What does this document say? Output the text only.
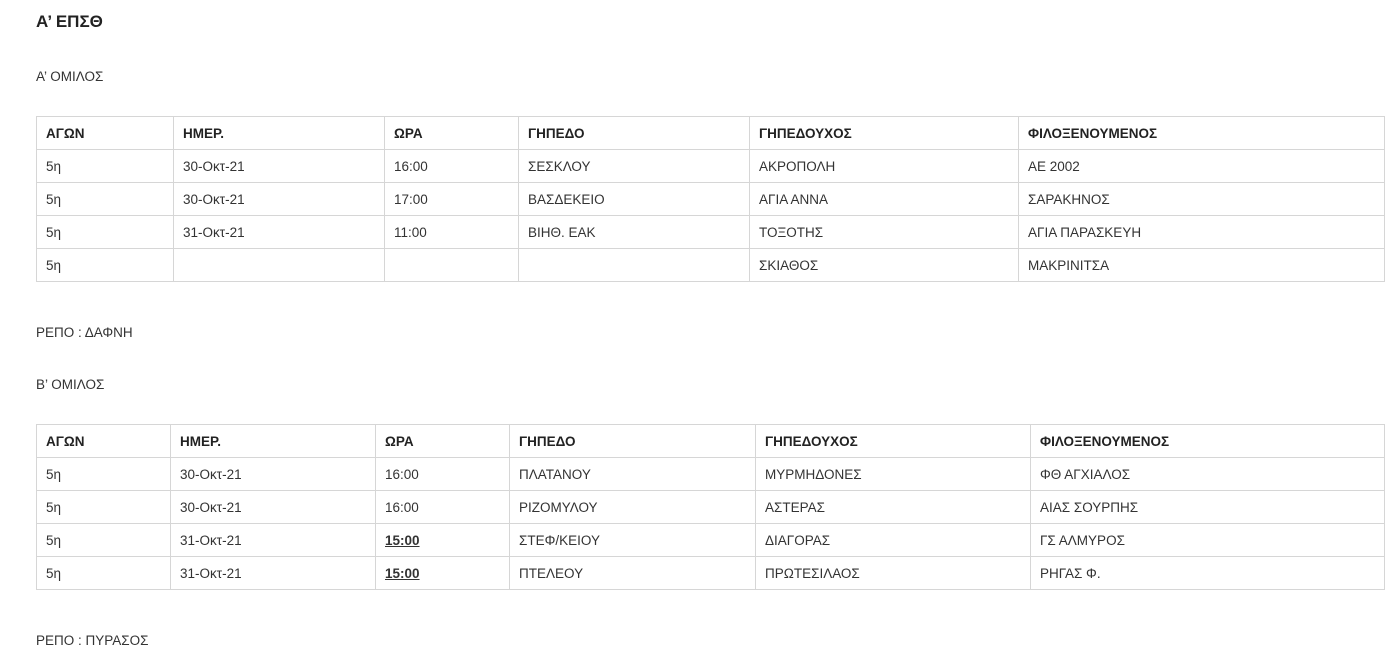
Α’ ΕΠΣΘ

Α’ ΟΜΙΛΟΣ

ΑΓΩΝ	ΗΜΕΡ.	ΩΡΑ	ΓΗΠΕΔΟ	ΓΗΠΕΔΟΥΧΟΣ	ΦΙΛΟΞΕΝΟΥΜΕΝΟΣ
5η	30-Οκτ-21	16:00	ΣΕΣΚΛΟΥ	ΑΚΡΟΠΟΛΗ	ΑΕ 2002
5η	30-Οκτ-21	17:00	ΒΑΣΔΕΚΕΙΟ	ΑΓΙΑ ΑΝΝΑ	ΣΑΡΑΚΗΝΟΣ
5η	31-Οκτ-21	11:00	ΒΙΗΘ. ΕΑΚ	ΤΟΞΟΤΗΣ	ΑΓΙΑ ΠΑΡΑΣΚΕΥΗ
5η				ΣΚΙΑΘΟΣ	ΜΑΚΡΙΝΙΤΣΑ

ΡΕΠΟ : ΔΑΦΝΗ

Β’ ΟΜΙΛΟΣ

ΑΓΩΝ	ΗΜΕΡ.	ΩΡΑ	ΓΗΠΕΔΟ	ΓΗΠΕΔΟΥΧΟΣ	ΦΙΛΟΞΕΝΟΥΜΕΝΟΣ
5η	30-Οκτ-21	16:00	ΠΛΑΤΑΝΟΥ	ΜΥΡΜΗΔΟΝΕΣ	ΦΘ ΑΓΧΙΑΛΟΣ
5η	30-Οκτ-21	16:00	ΡΙΖΟΜΥΛΟΥ	ΑΣΤΕΡΑΣ	ΑΙΑΣ ΣΟΥΡΠΗΣ
5η	31-Οκτ-21	15:00	ΣΤΕΦ/ΚΕΙΟΥ	ΔΙΑΓΟΡΑΣ	ΓΣ ΑΛΜΥΡΟΣ
5η	31-Οκτ-21	15:00	ΠΤΕΛΕΟΥ	ΠΡΩΤΕΣΙΛΑΟΣ	ΡΗΓΑΣ Φ.

ΡΕΠΟ : ΠΥΡΑΣΟΣ
